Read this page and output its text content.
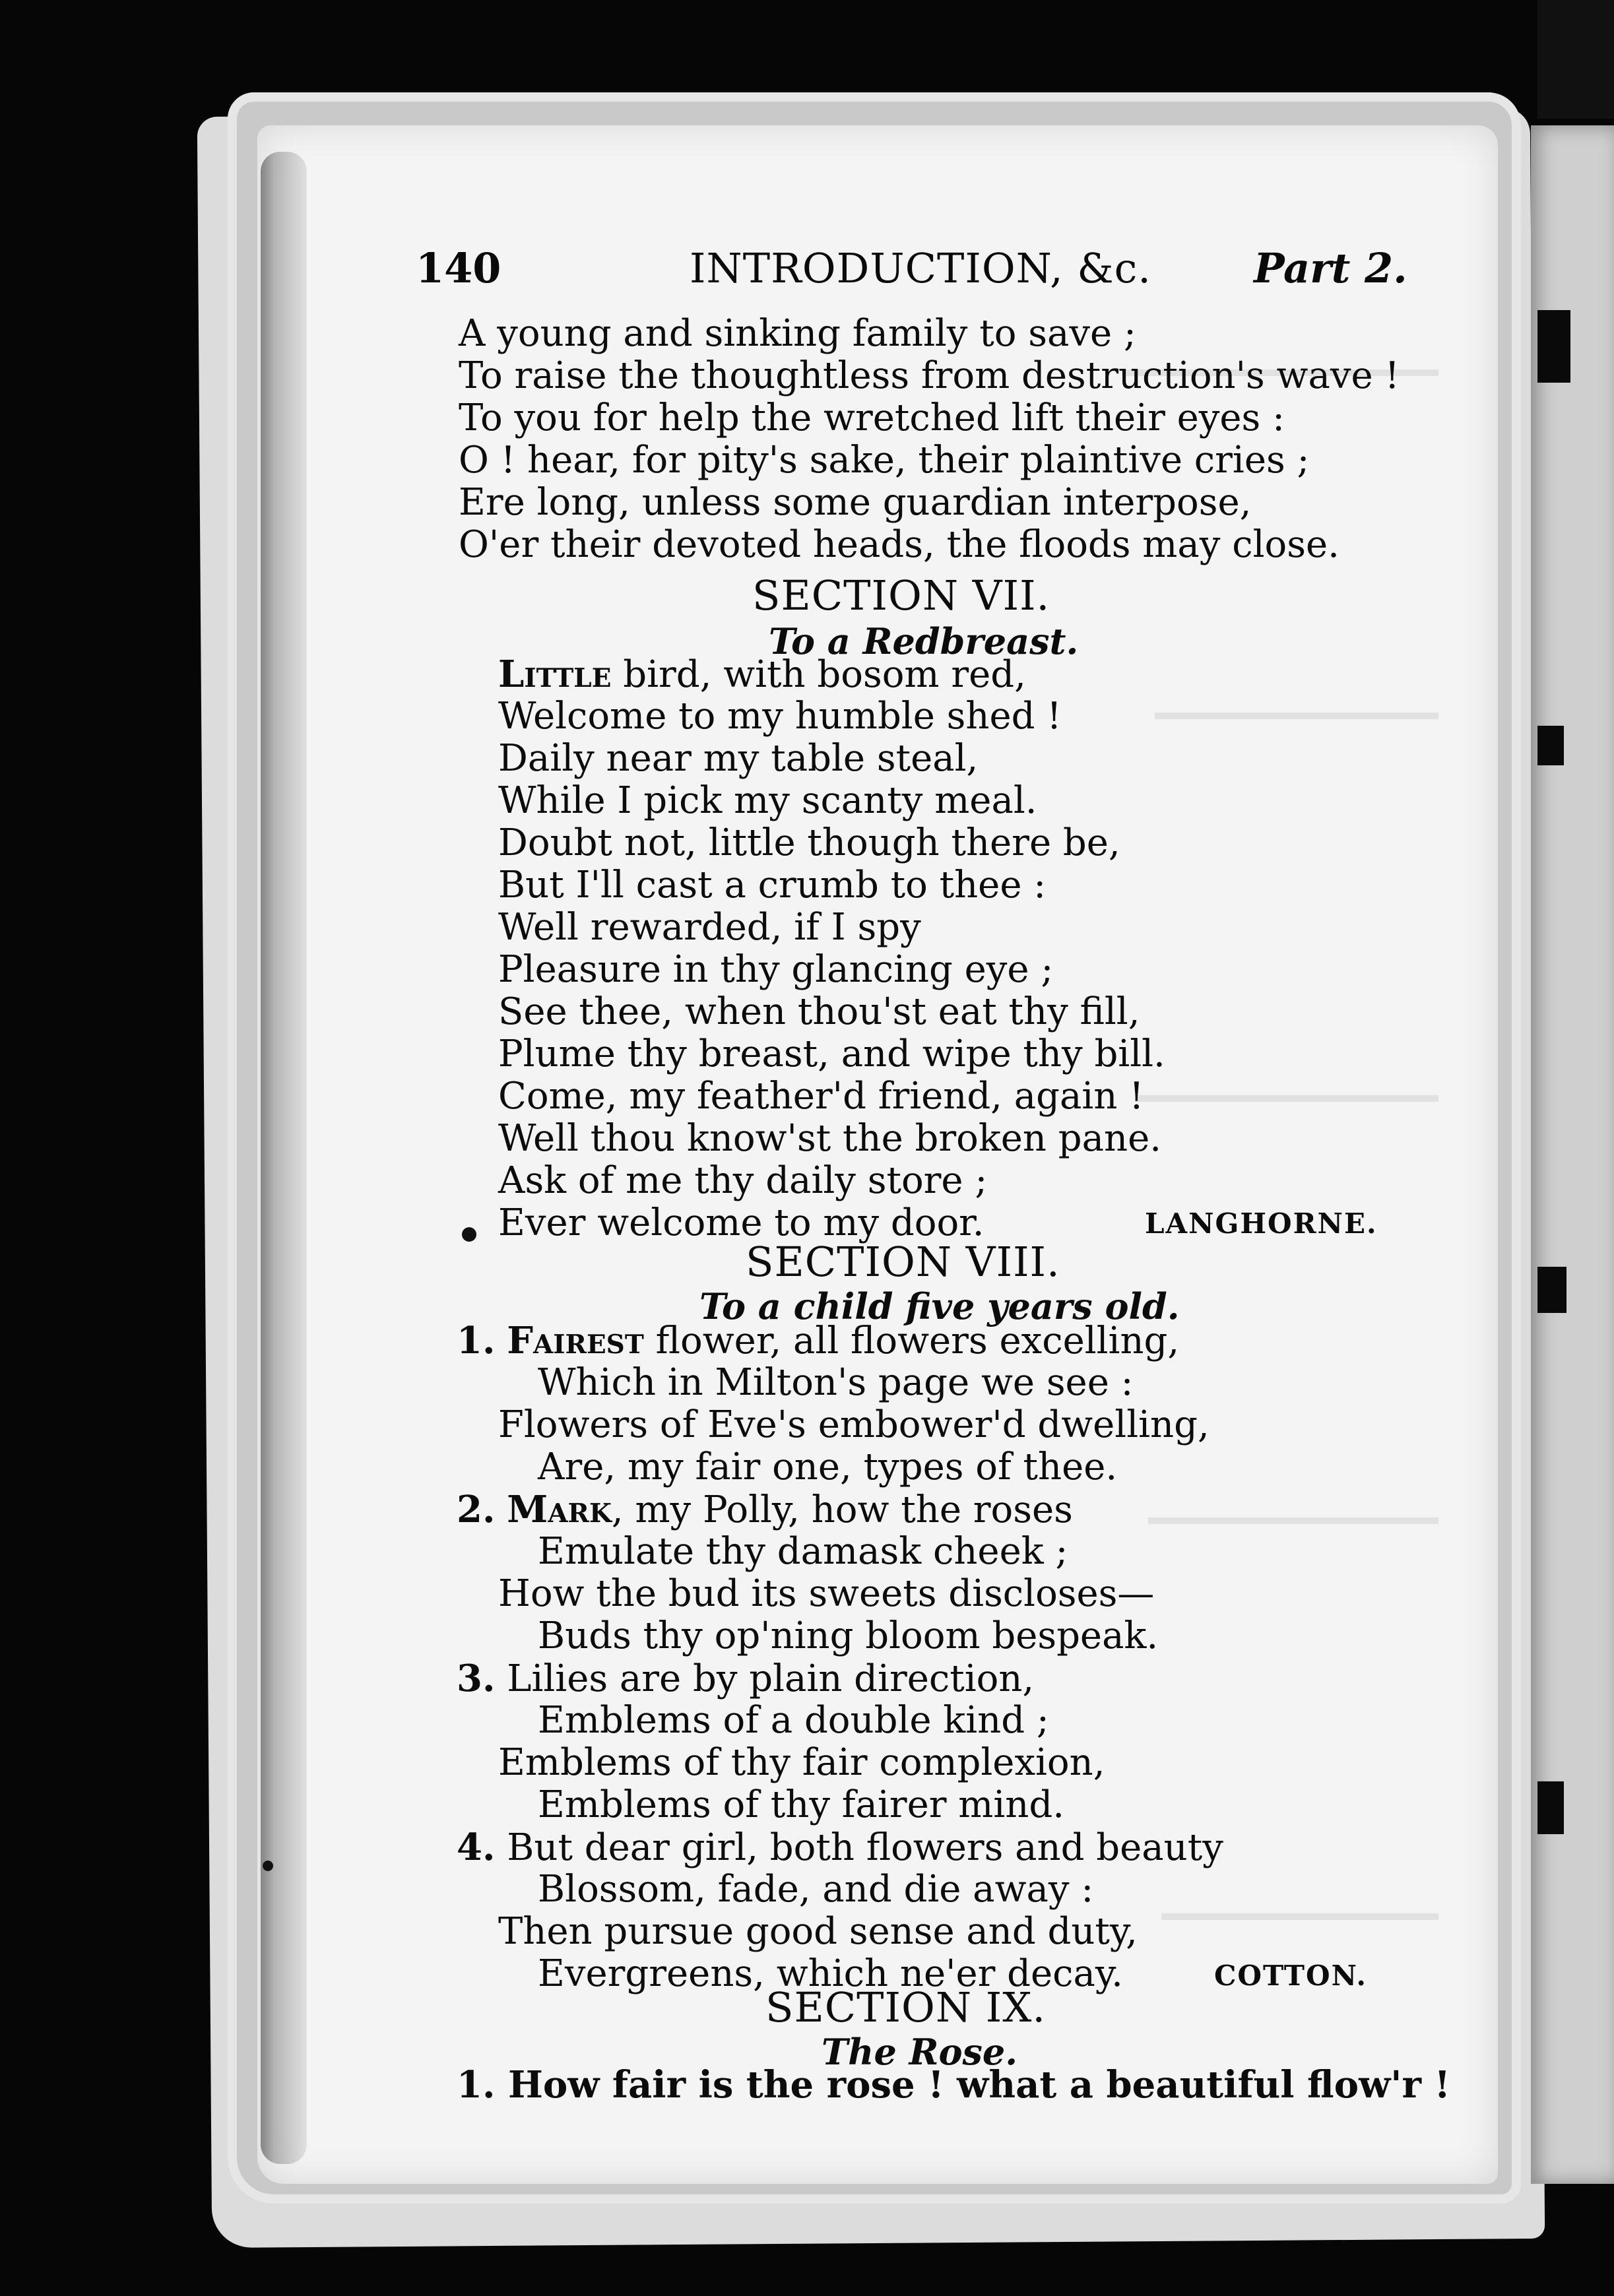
140	INTRODUCTION, &c.	Part 2.
A young and sinking family to save ;
To raise the thoughtless from destruction's wave !
To you for help the wretched lift their eyes :
O ! hear, for pity's sake, their plaintive cries ;
Ere long, unless some guardian interpose,
O'er their devoted heads, the floods may close.
SECTION VII.
To a Redbreast.
Little bird, with bosom red,
Welcome to my humble shed !
Daily near my table steal,
While I pick my scanty meal.
Doubt not, little though there be,
But I'll cast a crumb to thee :
Well rewarded, if I spy
Pleasure in thy glancing eye ;
See thee, when thou'st eat thy fill,
Plume thy breast, and wipe thy bill.
Come, my feather'd friend, again !
Well thou know'st the broken pane.
Ask of me thy daily store ;
Ever welcome to my door.	LANGHORNE.
SECTION VIII.
To a child five years old.
1. Fairest flower, all flowers excelling,
Which in Milton's page we see :
Flowers of Eve's embower'd dwelling,
Are, my fair one, types of thee.
2. Mark, my Polly, how the roses
Emulate thy damask cheek ;
How the bud its sweets discloses—
Buds thy op'ning bloom bespeak.
3. Lilies are by plain direction,
Emblems of a double kind ;
Emblems of thy fair complexion,
Emblems of thy fairer mind.
4. But dear girl, both flowers and beauty
Blossom, fade, and die away :
Then pursue good sense and duty,
Evergreens, which ne'er decay.	COTTON.
SECTION IX.
The Rose.
1. How fair is the rose ! what a beautiful flow'r !
